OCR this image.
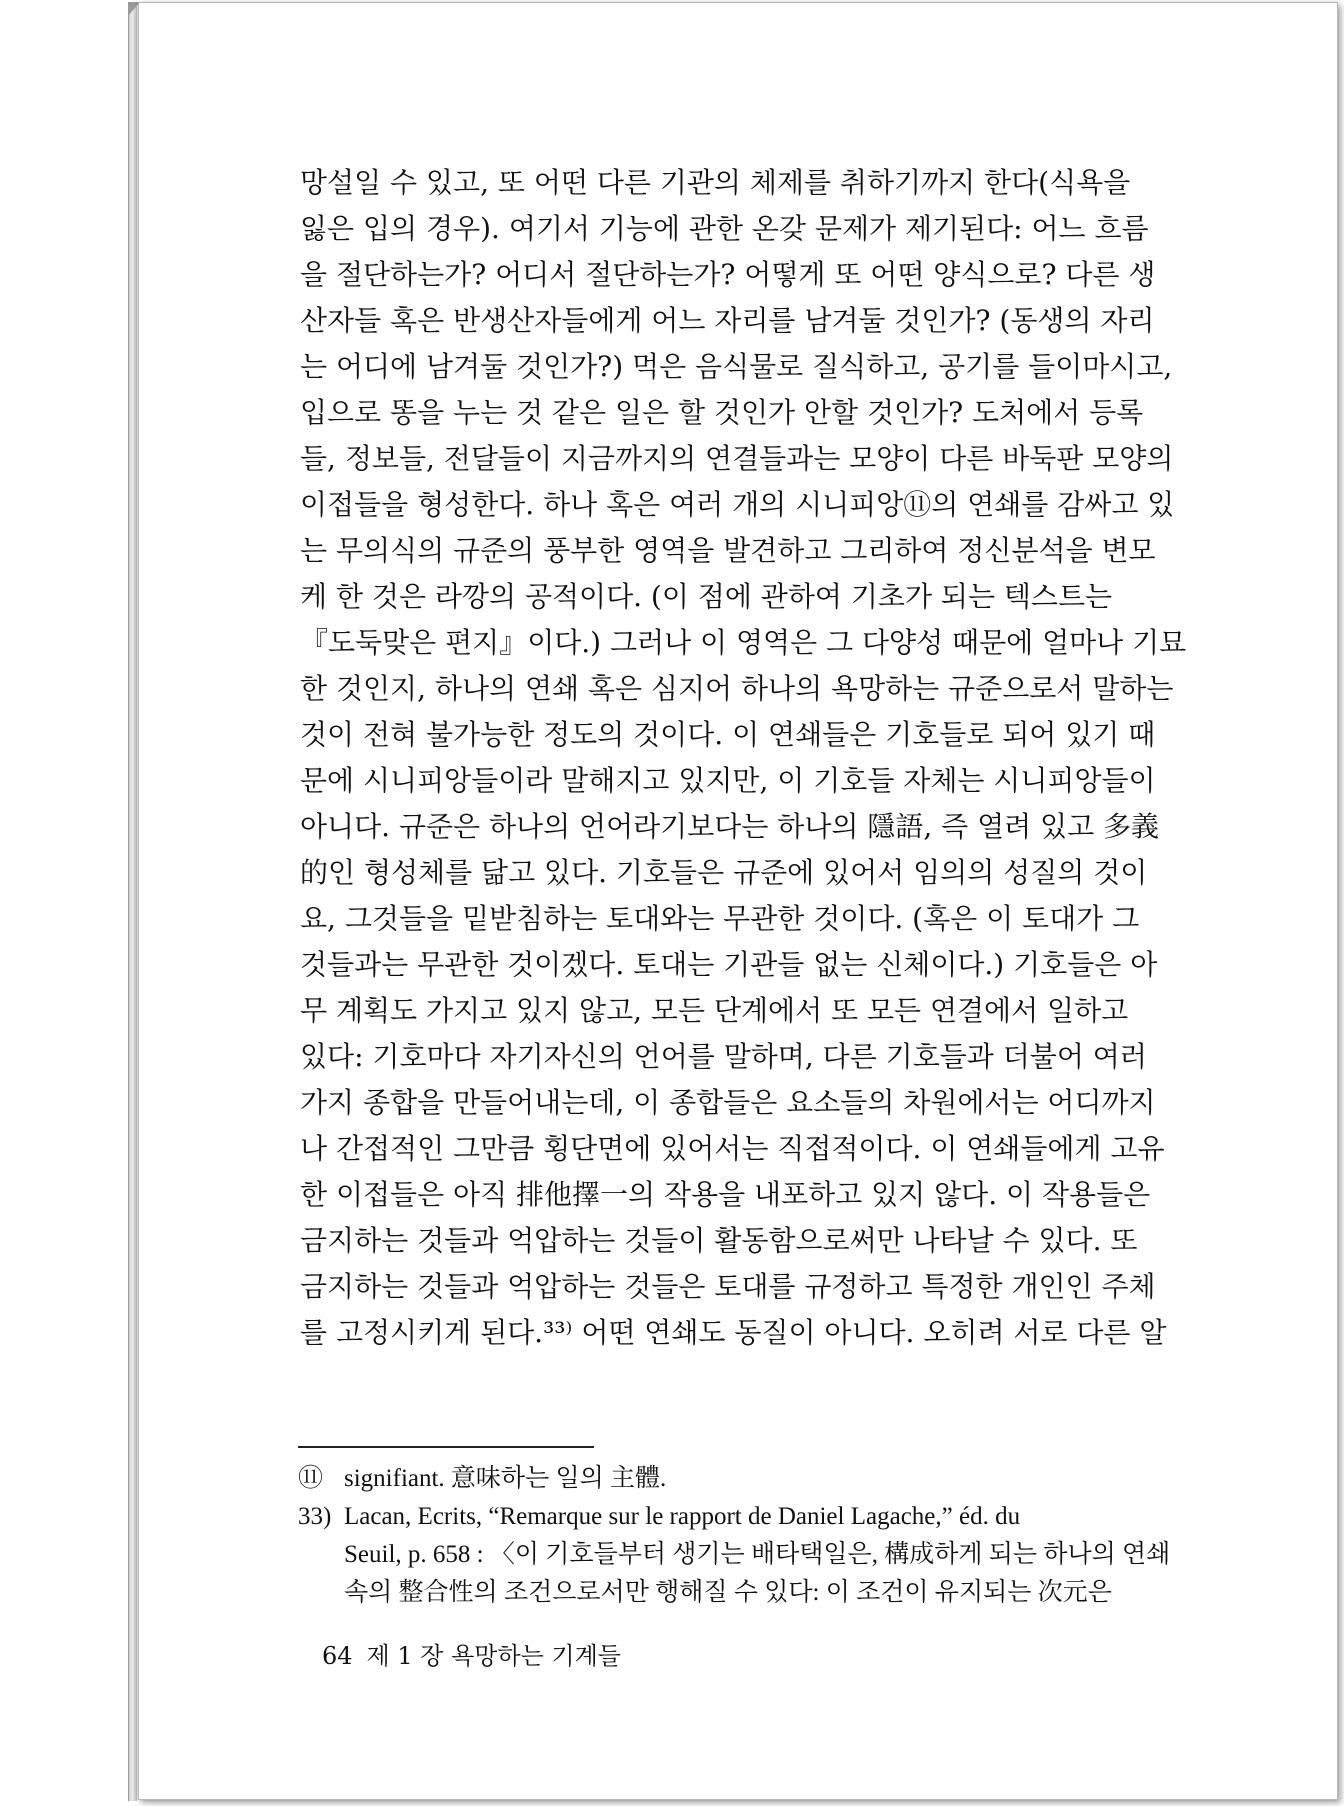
망설일 수 있고, 또 어떤 다른 기관의 체제를 취하기까지 한다(식욕을
잃은 입의 경우). 여기서 기능에 관한 온갖 문제가 제기된다: 어느 흐름
을 절단하는가? 어디서 절단하는가? 어떻게 또 어떤 양식으로? 다른 생
산자들 혹은 반생산자들에게 어느 자리를 남겨둘 것인가? (동생의 자리
는 어디에 남겨둘 것인가?) 먹은 음식물로 질식하고, 공기를 들이마시고,
입으로 똥을 누는 것 같은 일은 할 것인가 안할 것인가? 도처에서 등록
들, 정보들, 전달들이 지금까지의 연결들과는 모양이 다른 바둑판 모양의
이접들을 형성한다. 하나 혹은 여러 개의 시니피앙⑪의 연쇄를 감싸고 있
는 무의식의 규준의 풍부한 영역을 발견하고 그리하여 정신분석을 변모
케 한 것은 라깡의 공적이다. (이 점에 관하여 기초가 되는 텍스트는
『도둑맞은 편지』이다.) 그러나 이 영역은 그 다양성 때문에 얼마나 기묘
한 것인지, 하나의 연쇄 혹은 심지어 하나의 욕망하는 규준으로서 말하는
것이 전혀 불가능한 정도의 것이다. 이 연쇄들은 기호들로 되어 있기 때
문에 시니피앙들이라 말해지고 있지만, 이 기호들 자체는 시니피앙들이
아니다. 규준은 하나의 언어라기보다는 하나의 隱語, 즉 열려 있고 多義
的인 형성체를 닮고 있다. 기호들은 규준에 있어서 임의의 성질의 것이
요, 그것들을 밑받침하는 토대와는 무관한 것이다. (혹은 이 토대가 그
것들과는 무관한 것이겠다. 토대는 기관들 없는 신체이다.) 기호들은 아
무 계획도 가지고 있지 않고, 모든 단계에서 또 모든 연결에서 일하고
있다: 기호마다 자기자신의 언어를 말하며, 다른 기호들과 더불어 여러
가지 종합을 만들어내는데, 이 종합들은 요소들의 차원에서는 어디까지
나 간접적인 그만큼 횡단면에 있어서는 직접적이다. 이 연쇄들에게 고유
한 이접들은 아직 排他擇一의 작용을 내포하고 있지 않다. 이 작용들은
금지하는 것들과 억압하는 것들이 활동함으로써만 나타날 수 있다. 또
금지하는 것들과 억압하는 것들은 토대를 규정하고 특정한 개인인 주체
를 고정시키게 된다.³³⁾ 어떤 연쇄도 동질이 아니다. 오히려 서로 다른 알
⑪ signifiant. 意味하는 일의 主體.
33) Lacan, Ecrits, “Remarque sur le rapport de Daniel Lagache,” éd. du
Seuil, p. 658 : 〈이 기호들부터 생기는 배타택일은, 構成하게 되는 하나의 연쇄
속의 整合性의 조건으로서만 행해질 수 있다: 이 조건이 유지되는 次元은
64 제 1 장 욕망하는 기계들
